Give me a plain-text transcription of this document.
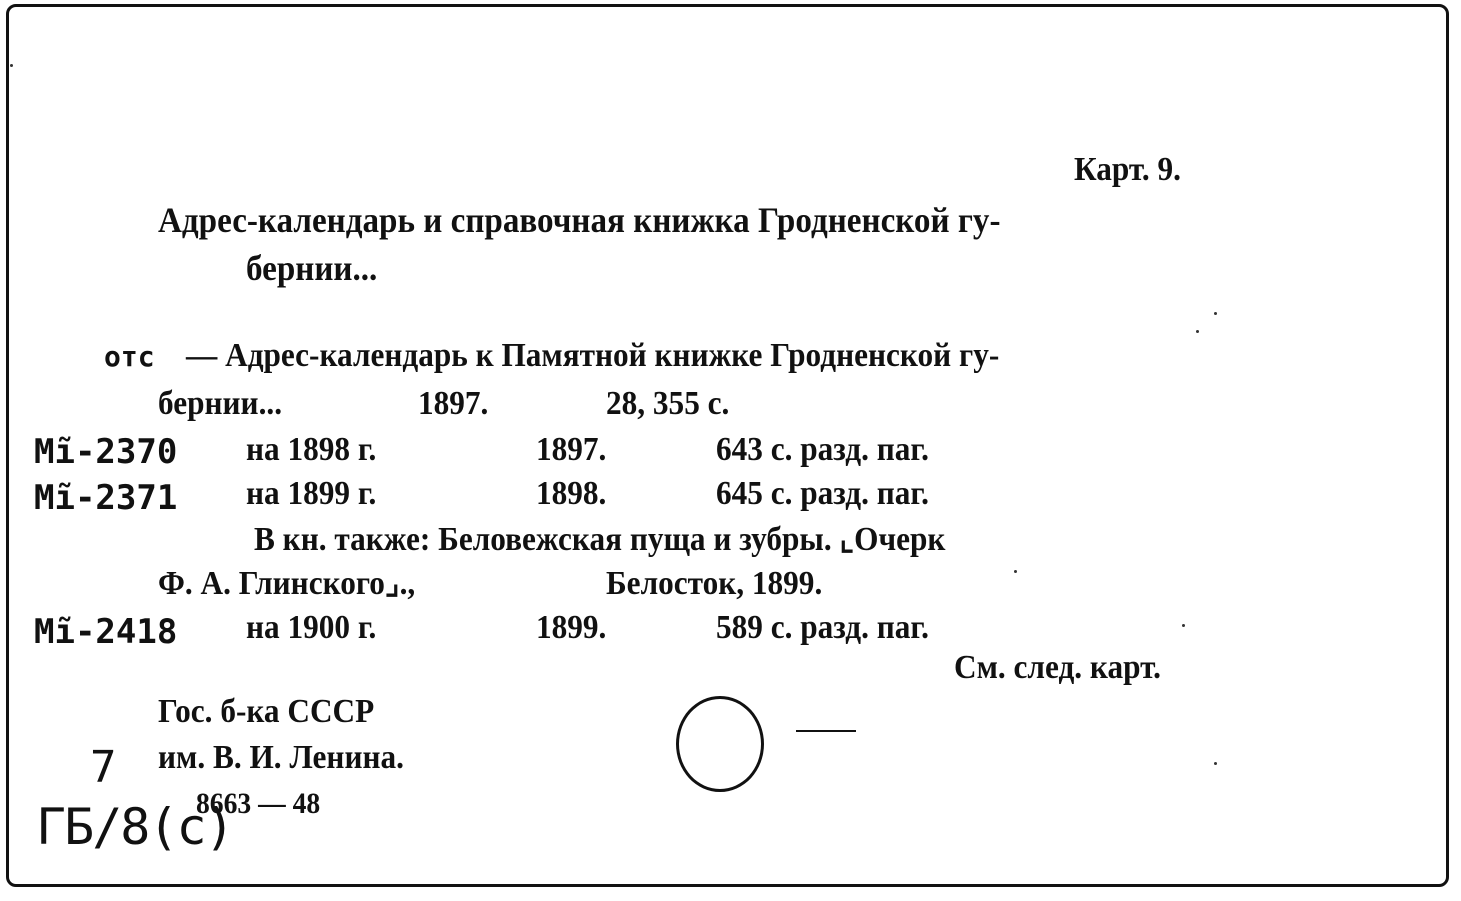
Карт. 9.
Адрес-календарь и справочная книжка Гродненской гу-
бернии...
отс — Адрес-календарь к Памятной книжке Гродненской гу-
бернии...	1897.	28, 355 с.
Mĩ-2370 на 1898 г.	1897.	643 с. разд. паг.
Mĩ-2371 на 1899 г.	1898.	645 с. разд. паг.
В кн. также: Беловежская пуща и зубры. ⌞Очерк
Ф. А. Глинского⌟.,	Белосток, 1899.
Mĩ-2418 на 1900 г.	1899.	589 с. разд. паг.
См. след. карт.
Гос. б-ка СССР
им. В. И. Ленина.
8663 — 48
7
ГБ/8(с)
